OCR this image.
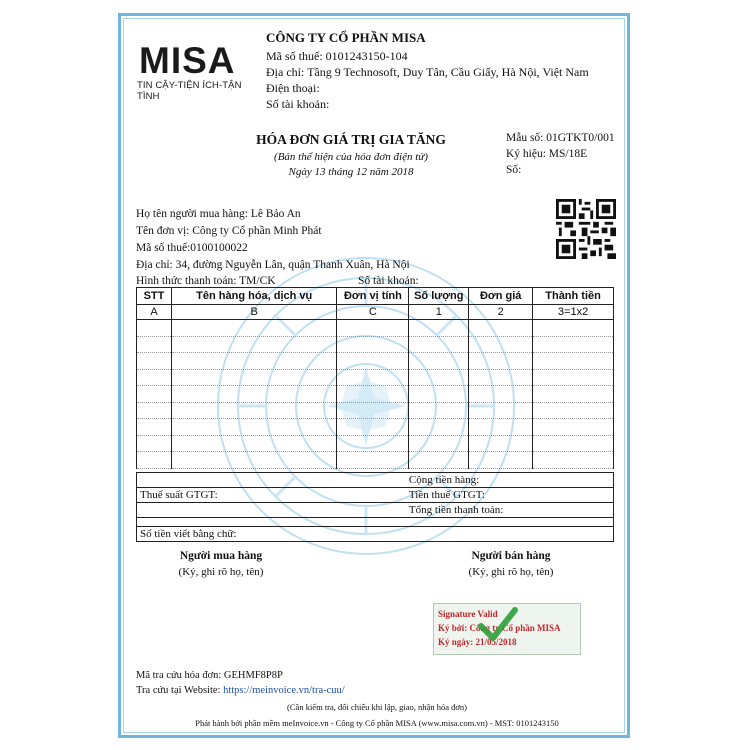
MISA
TIN CẬY-TIỆN ÍCH-TẬN TÌNH
CÔNG TY CỔ PHẦN MISA
Mã số thuế: 0101243150-104
Địa chỉ: Tầng 9 Technosoft, Duy Tân, Cầu Giấy, Hà Nội, Việt Nam
Điện thoại:
Số tài khoản:
HÓA ĐƠN GIÁ TRỊ GIA TĂNG
(Bản thể hiện của hóa đơn điện tử)
Ngày 13 tháng 12 năm 2018
Mẫu số: 01GTKT0/001
Ký hiệu: MS/18E
Số:
Họ tên người mua hàng: Lê Bảo An
Tên đơn vị: Công ty Cổ phần Minh Phát
Mã số thuế:0100100022
Địa chỉ: 34, đường Nguyễn Lân, quận Thanh Xuân, Hà Nội
Hình thức thanh toán: TM/CK	Số tài khoản:
STT	Tên hàng hóa, dịch vụ	Đơn vị tính	Số lượng	Đơn giá	Thành tiền
A	B	C	1	2	3=1x2

	Cộng tiền hàng:
Thuế suất GTGT:	Tiền thuế GTGT:
	Tổng tiền thanh toán:

Số tiền viết bằng chữ:	
Người mua hàng
(Ký, ghi rõ họ, tên)
Người bán hàng
(Ký, ghi rõ họ, tên)
Signature Valid
Ký bởi: Công ty Cổ phần MISA
Ký ngày: 21/05/2018
Mã tra cứu hóa đơn: GEHMF8P8P
Tra cứu tại Website: https://meinvoice.vn/tra-cuu/
(Cần kiểm tra, đối chiếu khi lập, giao, nhận hóa đơn)
Phát hành bởi phần mềm meInvoice.vn - Công ty Cổ phần MISA (www.misa.com.vn) - MST: 0101243150
